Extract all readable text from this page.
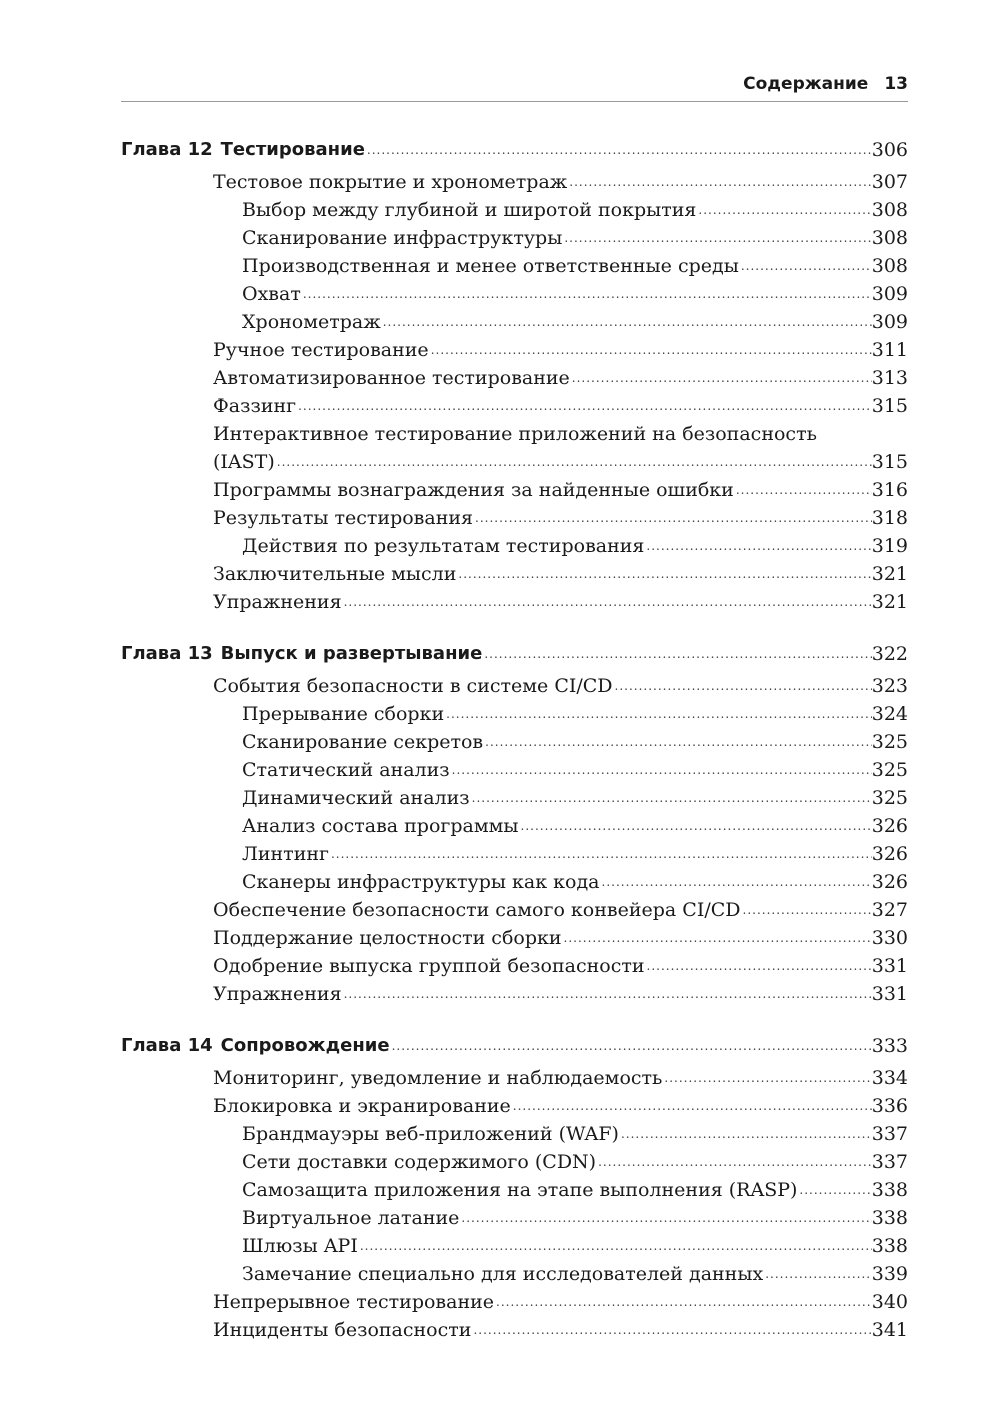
Содержание 13
Глава 12 Тестирование .....	306
Тестовое покрытие и хронометраж .....	307
Выбор между глубиной и широтой покрытия .....	308
Сканирование инфраструктуры .....	308
Производственная и менее ответственные среды .....	308
Охват .....	309
Хронометраж .....	309
Ручное тестирование .....	311
Автоматизированное тестирование .....	313
Фаззинг .....	315
Интерактивное тестирование приложений на безопасность
(IAST) .....	315
Программы вознаграждения за найденные ошибки .....	316
Результаты тестирования .....	318
Действия по результатам тестирования .....	319
Заключительные мысли .....	321
Упражнения .....	321
Глава 13 Выпуск и развертывание .....	322
События безопасности в системе CI/CD .....	323
Прерывание сборки .....	324
Сканирование секретов .....	325
Статический анализ .....	325
Динамический анализ .....	325
Анализ состава программы .....	326
Линтинг .....	326
Сканеры инфраструктуры как кода .....	326
Обеспечение безопасности самого конвейера CI/CD .....	327
Поддержание целостности сборки .....	330
Одобрение выпуска группой безопасности .....	331
Упражнения .....	331
Глава 14 Сопровождение .....	333
Мониторинг, уведомление и наблюдаемость .....	334
Блокировка и экранирование .....	336
Брандмауэры веб-приложений (WAF) .....	337
Сети доставки содержимого (CDN) .....	337
Самозащита приложения на этапе выполнения (RASP) .....	338
Виртуальное латание .....	338
Шлюзы API .....	338
Замечание специально для исследователей данных .....	339
Непрерывное тестирование .....	340
Инциденты безопасности .....	341
